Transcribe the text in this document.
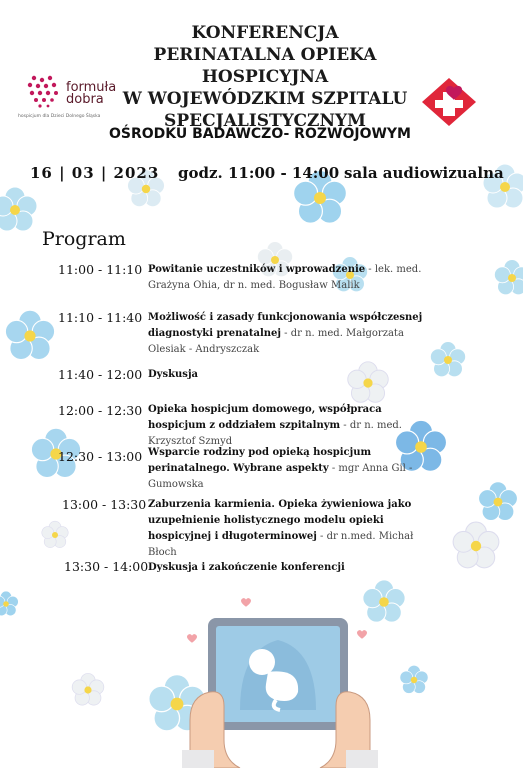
formuła dobra
hospicjum dla Dzieci Dolnego Śląska
KONFERENCJA
PERINATALNA OPIEKA HOSPICYJNA
W WOJEWÓDZKIM SZPITALU
SPECJALISTYCZNYM
OŚRODKU BADAWCZO- ROZWOJOWYM
16 | 03 | 2023 godz. 11:00 - 14:00 sala audiowizualna
Program
11:00 - 11:10 Powitanie uczestników i wprowadzenie - lek. med. Grażyna Ohia, dr n. med. Bogusław Malik
11:10 - 11:40 Możliwość i zasady funkcjonowania współczesnej diagnostyki prenatalnej - dr n. med. Małgorzata Olesiak - Andryszczak
11:40 - 12:00 Dyskusja
12:00 - 12:30 Opieka hospicjum domowego, współpraca hospicjum z oddziałem szpitalnym - dr n. med. Krzysztof Szmyd
12:30 - 13:00 Wsparcie rodziny pod opieką hospicjum perinatalnego. Wybrane aspekty - mgr Anna Gil - Gumowska
13:00 - 13:30 Zaburzenia karmienia. Opieka żywieniowa jako uzupełnienie holistycznego modelu opieki hospicyjnej i długoterminowej - dr n.med. Michał Błoch
13:30 - 14:00 Dyskusja i zakończenie konferencji
